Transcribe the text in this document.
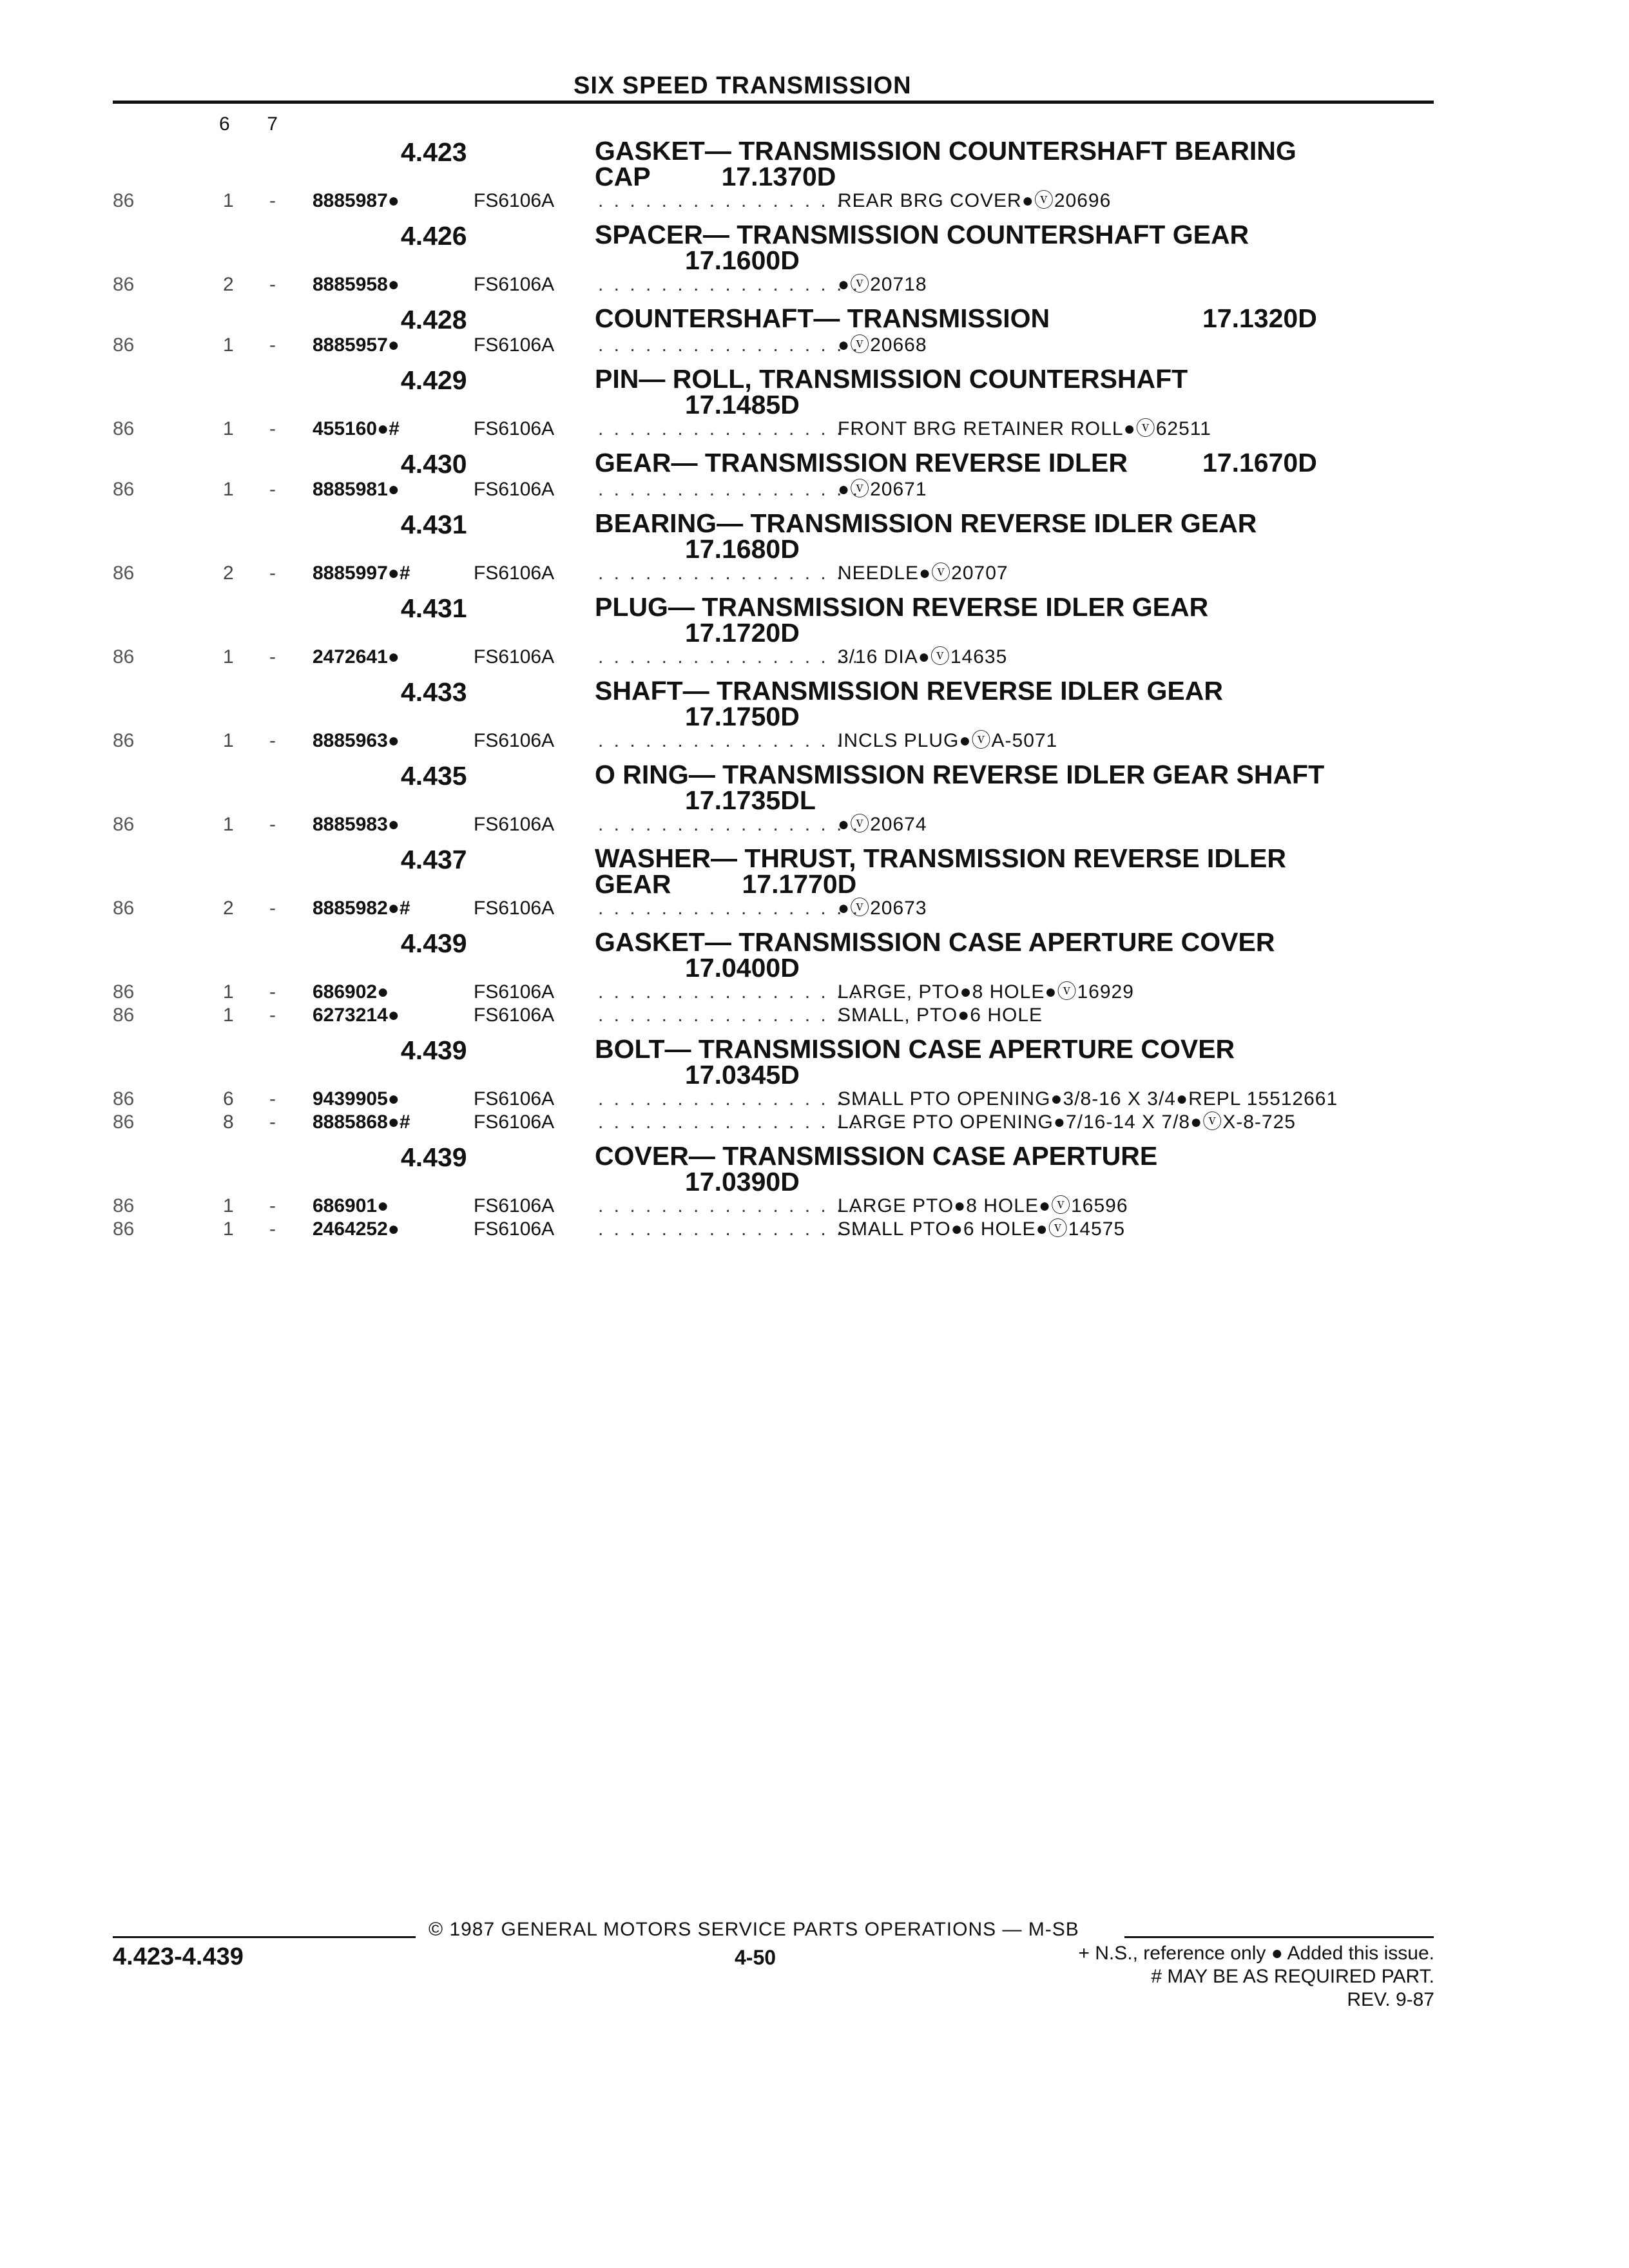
SIX SPEED TRANSMISSION
6 7
4.423	GASKET— TRANSMISSION COUNTERSHAFT BEARING CAP	17.1370D
86	1 - 8885987●	FS6106A . . . . . . . . . . . . . . . . .
REAR BRG COVER●ⓥ20696
4.426	SPACER— TRANSMISSION COUNTERSHAFT GEAR
17.1600D
86	2 - 8885958●	FS6106A . . . . . . . . . . . . . . . . .
●ⓥ20718
4.428	COUNTERSHAFT— TRANSMISSION	17.1320D
86	1 - 8885957●	FS6106A . . . . . . . . . . . . . . . . .
●ⓥ20668
4.429	PIN— ROLL, TRANSMISSION COUNTERSHAFT
17.1485D
86	1 - 455160●#	FS6106A . . . . . . . . . . . . . . . . .
FRONT BRG RETAINER ROLL●ⓥ62511
4.430	GEAR— TRANSMISSION REVERSE IDLER	17.1670D
86	1 - 8885981●	FS6106A . . . . . . . . . . . . . . . . .
●ⓥ20671
4.431	BEARING— TRANSMISSION REVERSE IDLER GEAR
17.1680D
86	2 - 8885997●#	FS6106A . . . . . . . . . . . . . . . . .
NEEDLE●ⓥ20707
4.431	PLUG— TRANSMISSION REVERSE IDLER GEAR
17.1720D
86	1 - 2472641●	FS6106A . . . . . . . . . . . . . . . . .
3/16 DIA●ⓥ14635
4.433	SHAFT— TRANSMISSION REVERSE IDLER GEAR
17.1750D
86	1 - 8885963●	FS6106A . . . . . . . . . . . . . . . . .
INCLS PLUG●ⓥA-5071
4.435	O RING— TRANSMISSION REVERSE IDLER GEAR SHAFT
17.1735DL
86	1 - 8885983●	FS6106A . . . . . . . . . . . . . . . . .
●ⓥ20674
4.437	WASHER— THRUST, TRANSMISSION REVERSE IDLER GEAR	17.1770D
86	2 - 8885982●#	FS6106A . . . . . . . . . . . . . . . . .
●ⓥ20673
4.439	GASKET— TRANSMISSION CASE APERTURE COVER
17.0400D
86	1 - 686902●	FS6106A . . . . . . . . . . . . . . . . .
LARGE, PTO●8 HOLE●ⓥ16929
86	1 - 6273214●	FS6106A . . . . . . . . . . . . . . . . .
SMALL, PTO●6 HOLE
4.439	BOLT— TRANSMISSION CASE APERTURE COVER
17.0345D
86	6 - 9439905●	FS6106A . . . . . . . . . . . . . . . . .
SMALL PTO OPENING●3/8-16 X 3/4●REPL 15512661
86	8 - 8885868●#	FS6106A . . . . . . . . . . . . . . . . .
LARGE PTO OPENING●7/16-14 X 7/8●ⓥX-8-725
4.439	COVER— TRANSMISSION CASE APERTURE
17.0390D
86	1 - 686901●	FS6106A . . . . . . . . . . . . . . . . .
LARGE PTO●8 HOLE●ⓥ16596
86	1 - 2464252●	FS6106A . . . . . . . . . . . . . . . . .
SMALL PTO●6 HOLE●ⓥ14575
© 1987 GENERAL MOTORS SERVICE PARTS OPERATIONS — M-SB
4.423-4.439	4-50	+ N.S., reference only ● Added this issue.
# MAY BE AS REQUIRED PART.
REV. 9-87
